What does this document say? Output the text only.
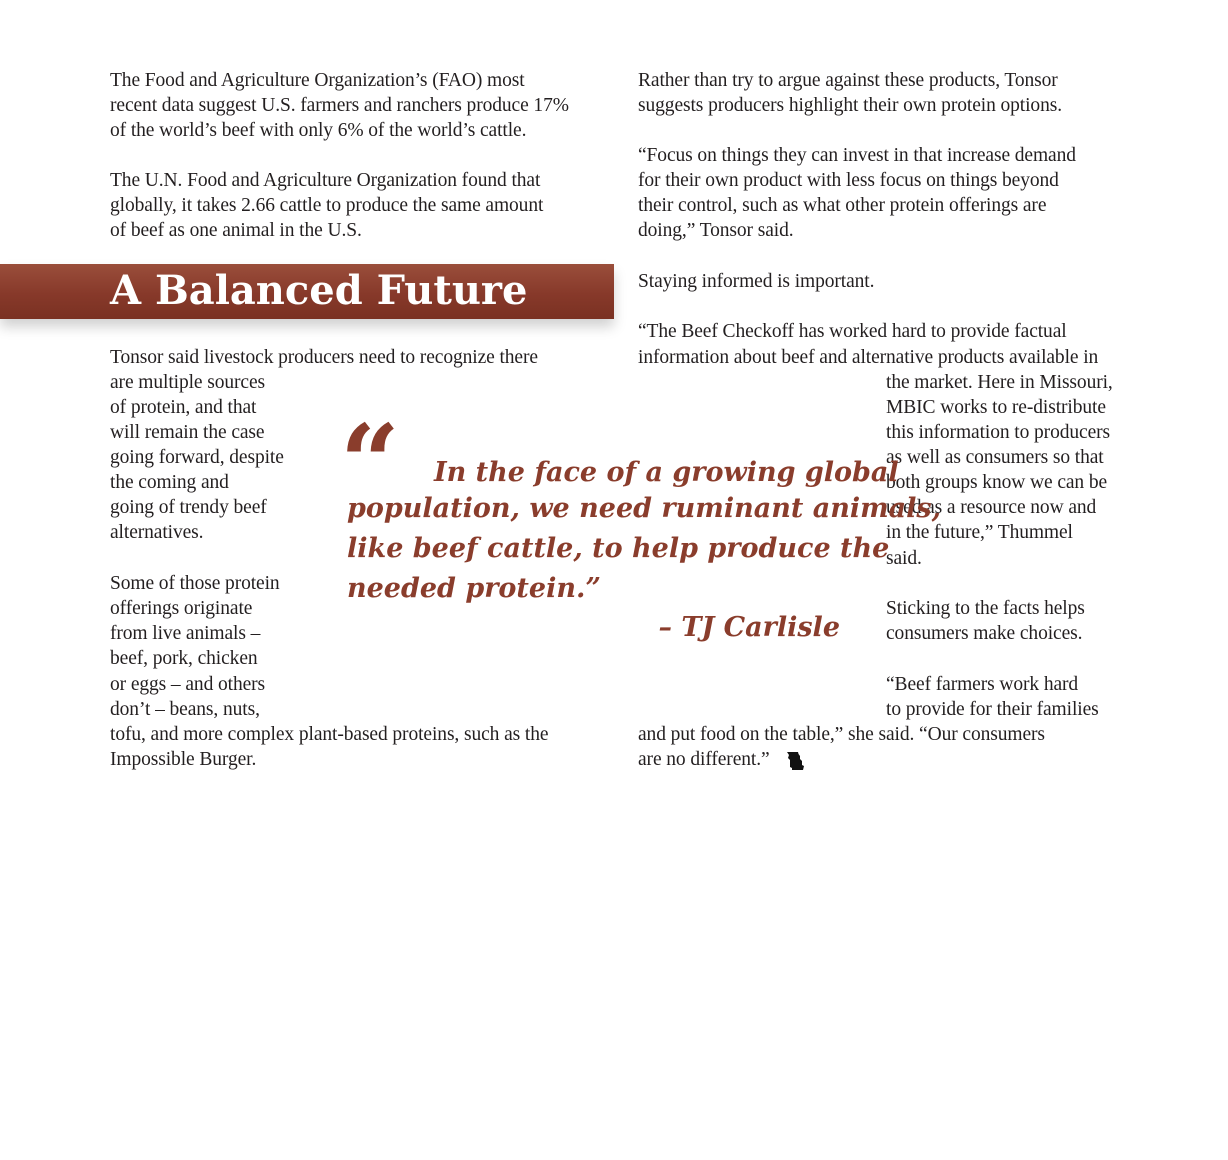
A Balanced Future
The Food and Agriculture Organization’s (FAO) most
recent data suggest U.S. farmers and ranchers produce 17%
of the world’s beef with only 6% of the world’s cattle.
The U.N. Food and Agriculture Organization found that
globally, it takes 2.66 cattle to produce the same amount
of beef as one animal in the U.S.
Tonsor said livestock producers need to recognize there
are multiple sources
of protein, and that
will remain the case
going forward, despite
the coming and
going of trendy beef
alternatives.
Some of those protein
offerings originate
from live animals –
beef, pork, chicken
or eggs – and others
don’t – beans, nuts,
tofu, and more complex plant-based proteins, such as the
Impossible Burger.
Rather than try to argue against these products, Tonsor
suggests producers highlight their own protein options.
“Focus on things they can invest in that increase demand
for their own product with less focus on things beyond
their control, such as what other protein offerings are
doing,” Tonsor said.
Staying informed is important.
“The Beef Checkoff has worked hard to provide factual
information about beef and alternative products available in
the market. Here in Missouri,
MBIC works to re-distribute
this information to producers
as well as consumers so that
both groups know we can be
used as a resource now and
in the future,” Thummel
said.
Sticking to the facts helps
consumers make choices.
“Beef farmers work hard
to provide for their families
and put food on the table,” she said. “Our consumers
are no different.”
“ In the face of a growing global
population, we need ruminant animals,
like beef cattle, to help produce the
needed protein.”
– TJ Carlisle
